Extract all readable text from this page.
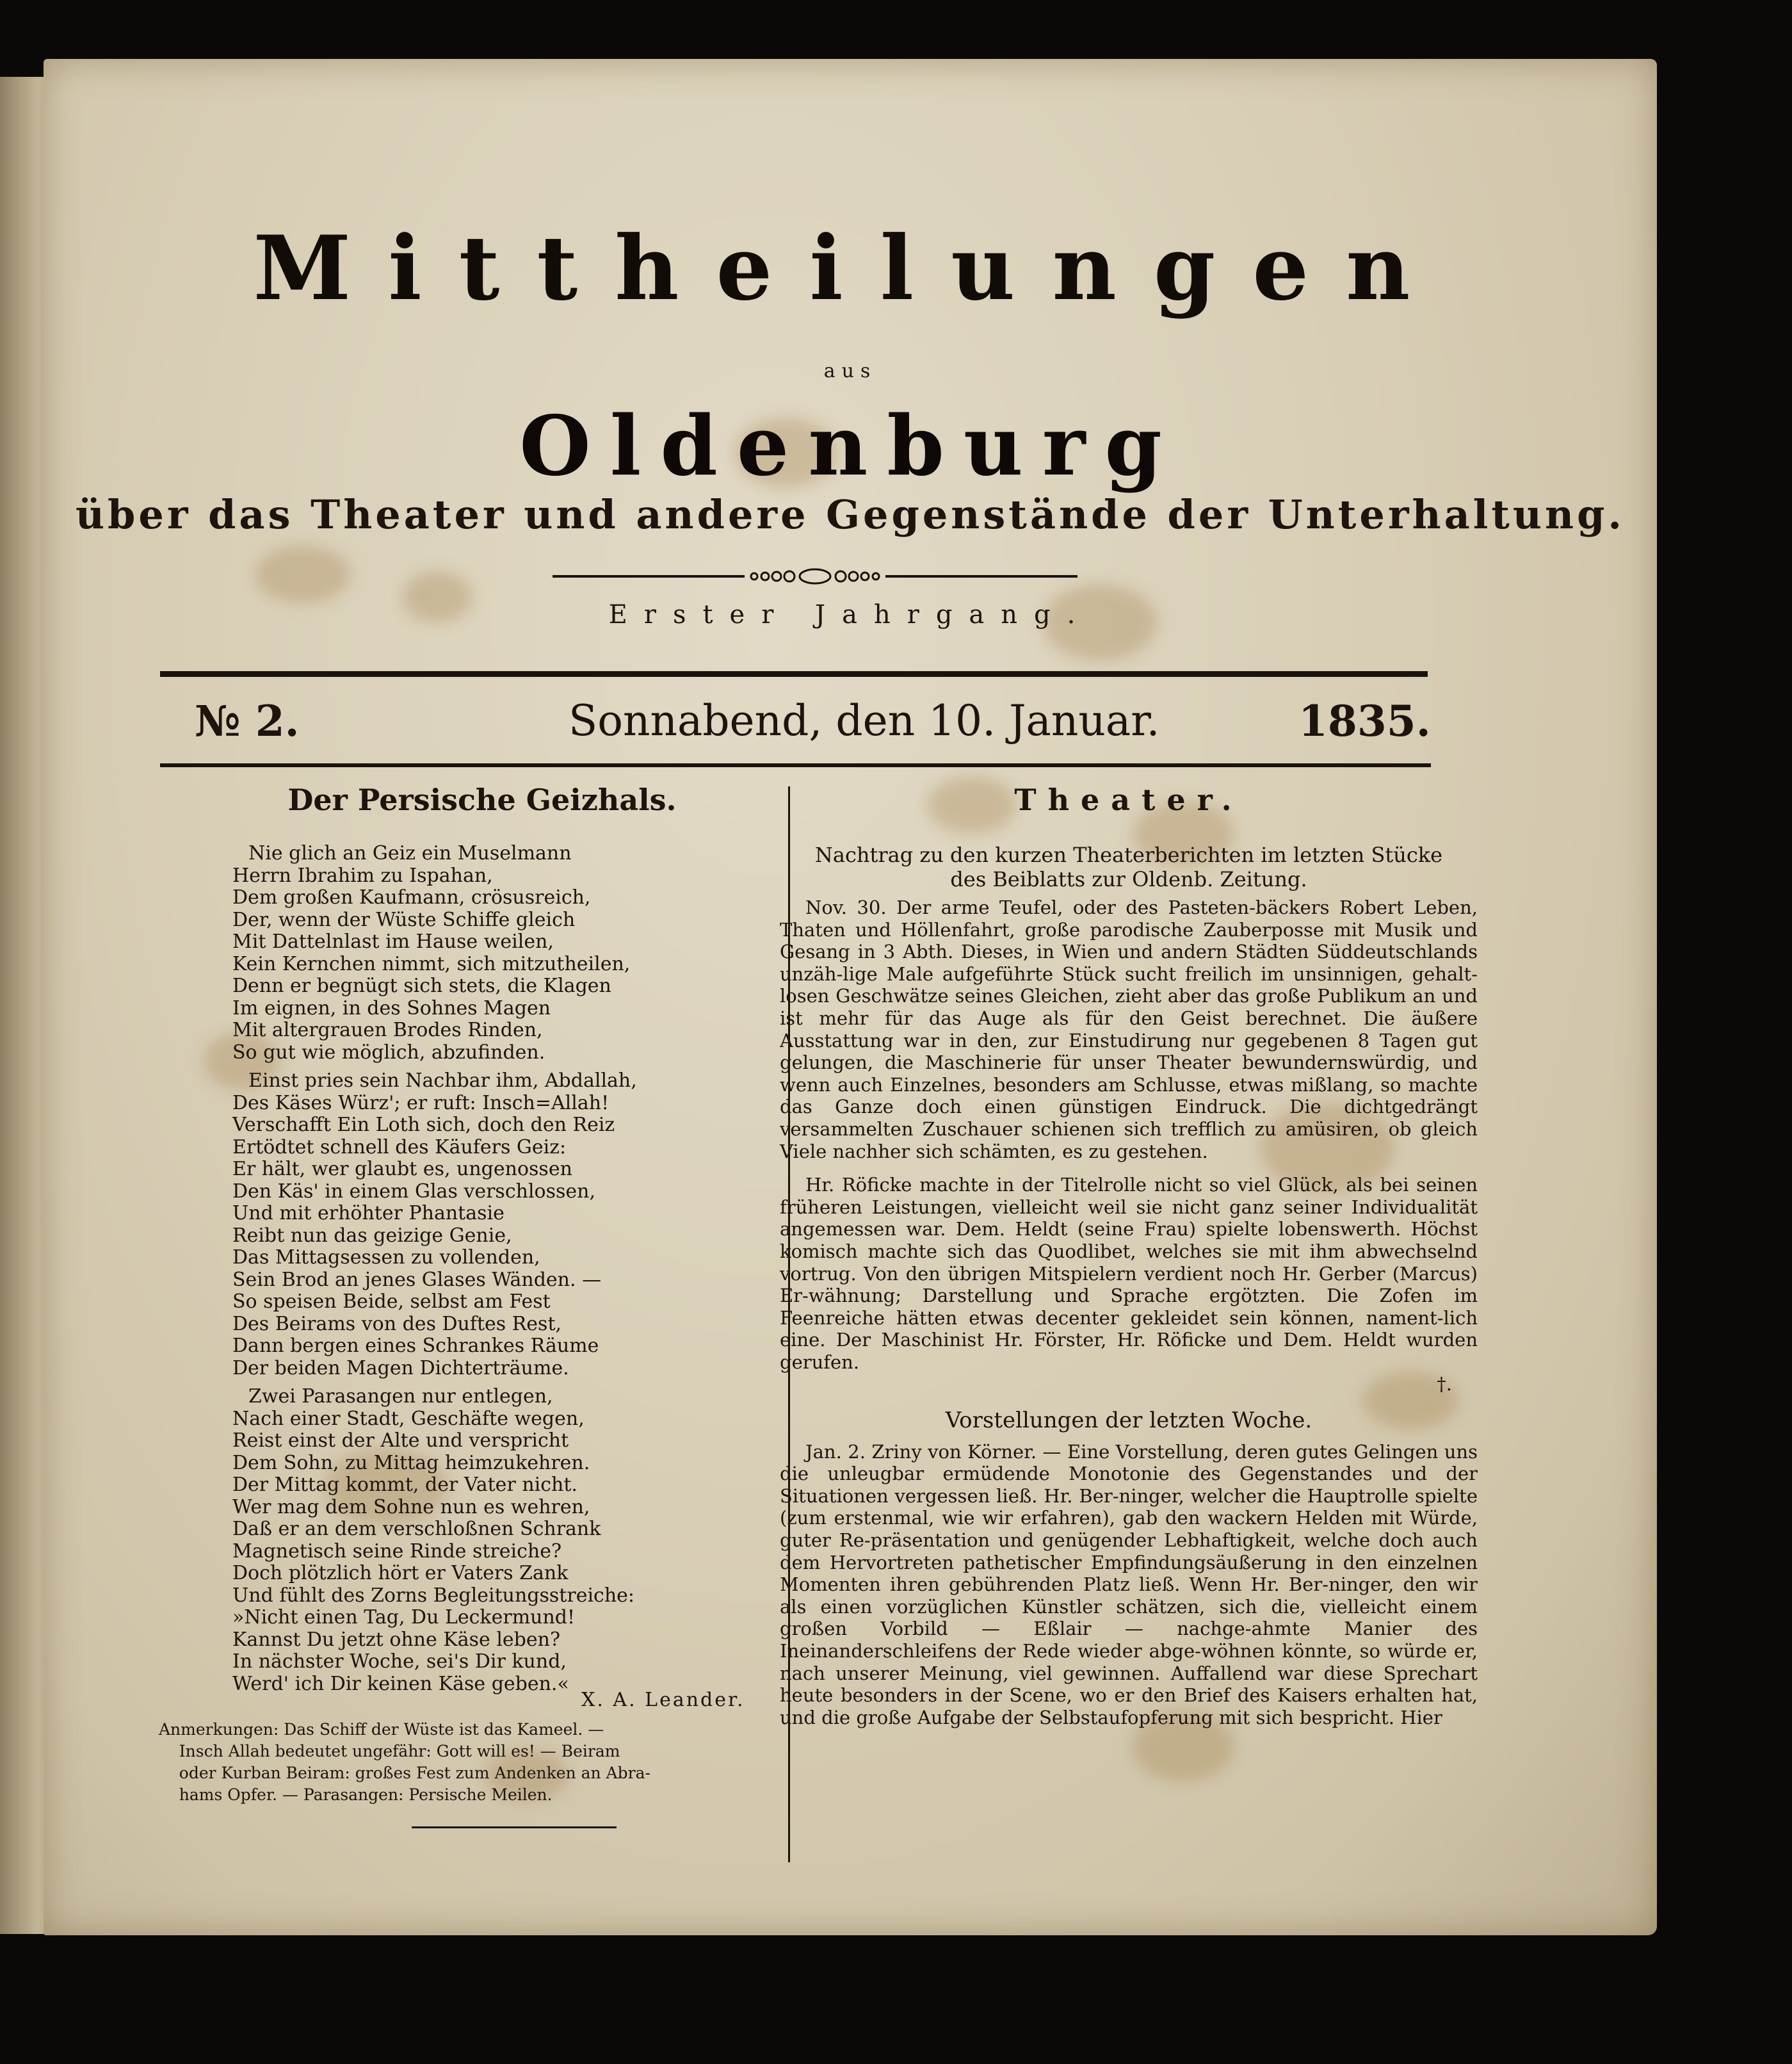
Mittheilungen
aus
Oldenburg
über das Theater und andere Gegenstände der Unterhaltung.
Erster Jahrgang.
№ 2.	Sonnabend, den 10. Januar.	1835.
Der Persische Geizhals.

Nie glich an Geiz ein Muselmann

Herrn Ibrahim zu Ispahan,

Dem großen Kaufmann, crösusreich,

Der, wenn der Wüste Schiffe gleich

Mit Dattelnlast im Hause weilen,

Kein Kernchen nimmt, sich mitzutheilen,

Denn er begnügt sich stets, die Klagen

Im eignen, in des Sohnes Magen

Mit altergrauen Brodes Rinden,

So gut wie möglich, abzufinden.

Einst pries sein Nachbar ihm, Abdallah,

Des Käses Würz'; er ruft: Insch=Allah!

Verschafft Ein Loth sich, doch den Reiz

Ertödtet schnell des Käufers Geiz:

Er hält, wer glaubt es, ungenossen

Den Käs' in einem Glas verschlossen,

Und mit erhöhter Phantasie

Reibt nun das geizige Genie,

Das Mittagsessen zu vollenden,

Sein Brod an jenes Glases Wänden. —

So speisen Beide, selbst am Fest

Des Beirams von des Duftes Rest,

Dann bergen eines Schrankes Räume

Der beiden Magen Dichterträume.

Zwei Parasangen nur entlegen,

Nach einer Stadt, Geschäfte wegen,

Reist einst der Alte und verspricht

Dem Sohn, zu Mittag heimzukehren.

Der Mittag kommt, der Vater nicht.

Wer mag dem Sohne nun es wehren,

Daß er an dem verschloßnen Schrank

Magnetisch seine Rinde streiche?

Doch plötzlich hört er Vaters Zank

Und fühlt des Zorns Begleitungsstreiche:

»Nicht einen Tag, Du Leckermund!

Kannst Du jetzt ohne Käse leben?

In nächster Woche, sei's Dir kund,

Werd' ich Dir keinen Käse geben.«

X. A. Leander.
Anmerkungen: Das Schiff der Wüste ist das Kameel. —
Insch Allah bedeutet ungefähr: Gott will es! — Beiram
oder Kurban Beiram: großes Fest zum Andenken an Abra-
hams Opfer. — Parasangen: Persische Meilen.
Theater.

Nachtrag zu den kurzen Theaterberichten im letzten Stücke

des Beiblatts zur Oldenb. Zeitung.

Nov. 30. Der arme Teufel, oder des Pasteten-bäckers Robert Leben, Thaten und Höllenfahrt, große parodische Zauberposse mit Musik und Gesang in 3 Abth. Dieses, in Wien und andern Städten Süddeutschlands unzäh-lige Male aufgeführte Stück sucht freilich im unsinnigen, gehalt-losen Geschwätze seines Gleichen, zieht aber das große Publikum an und ist mehr für das Auge als für den Geist berechnet. Die äußere Ausstattung war in den, zur Einstudirung nur gegebenen 8 Tagen gut gelungen, die Maschinerie für unser Theater bewundernswürdig, und wenn auch Einzelnes, besonders am Schlusse, etwas mißlang, so machte das Ganze doch einen günstigen Eindruck. Die dichtgedrängt versammelten Zuschauer schienen sich trefflich zu amüsiren, ob gleich Viele nachher sich schämten, es zu gestehen.

Hr. Röficke machte in der Titelrolle nicht so viel Glück, als bei seinen früheren Leistungen, vielleicht weil sie nicht ganz seiner Individualität angemessen war. Dem. Heldt (seine Frau) spielte lobenswerth. Höchst komisch machte sich das Quodlibet, welches sie mit ihm abwechselnd vortrug. Von den übrigen Mitspielern verdient noch Hr. Gerber (Marcus) Er-wähnung; Darstellung und Sprache ergötzten. Die Zofen im Feenreiche hätten etwas decenter gekleidet sein können, nament-lich eine. Der Maschinist Hr. Förster, Hr. Röficke und Dem. Heldt wurden gerufen.

†.

Vorstellungen der letzten Woche.

Jan. 2. Zriny von Körner. — Eine Vorstellung, deren gutes Gelingen uns die unleugbar ermüdende Monotonie des Gegenstandes und der Situationen vergessen ließ. Hr. Ber-ninger, welcher die Hauptrolle spielte (zum erstenmal, wie wir erfahren), gab den wackern Helden mit Würde, guter Re-präsentation und genügender Lebhaftigkeit, welche doch auch dem Hervortreten pathetischer Empfindungsäußerung in den einzelnen Momenten ihren gebührenden Platz ließ. Wenn Hr. Ber-ninger, den wir als einen vorzüglichen Künstler schätzen, sich die, vielleicht einem großen Vorbild — Eßlair — nachge-ahmte Manier des Ineinanderschleifens der Rede wieder abge-wöhnen könnte, so würde er, nach unserer Meinung, viel gewinnen. Auffallend war diese Sprechart heute besonders in der Scene, wo er den Brief des Kaisers erhalten hat, und die große Aufgabe der Selbstaufopferung mit sich bespricht. Hier
